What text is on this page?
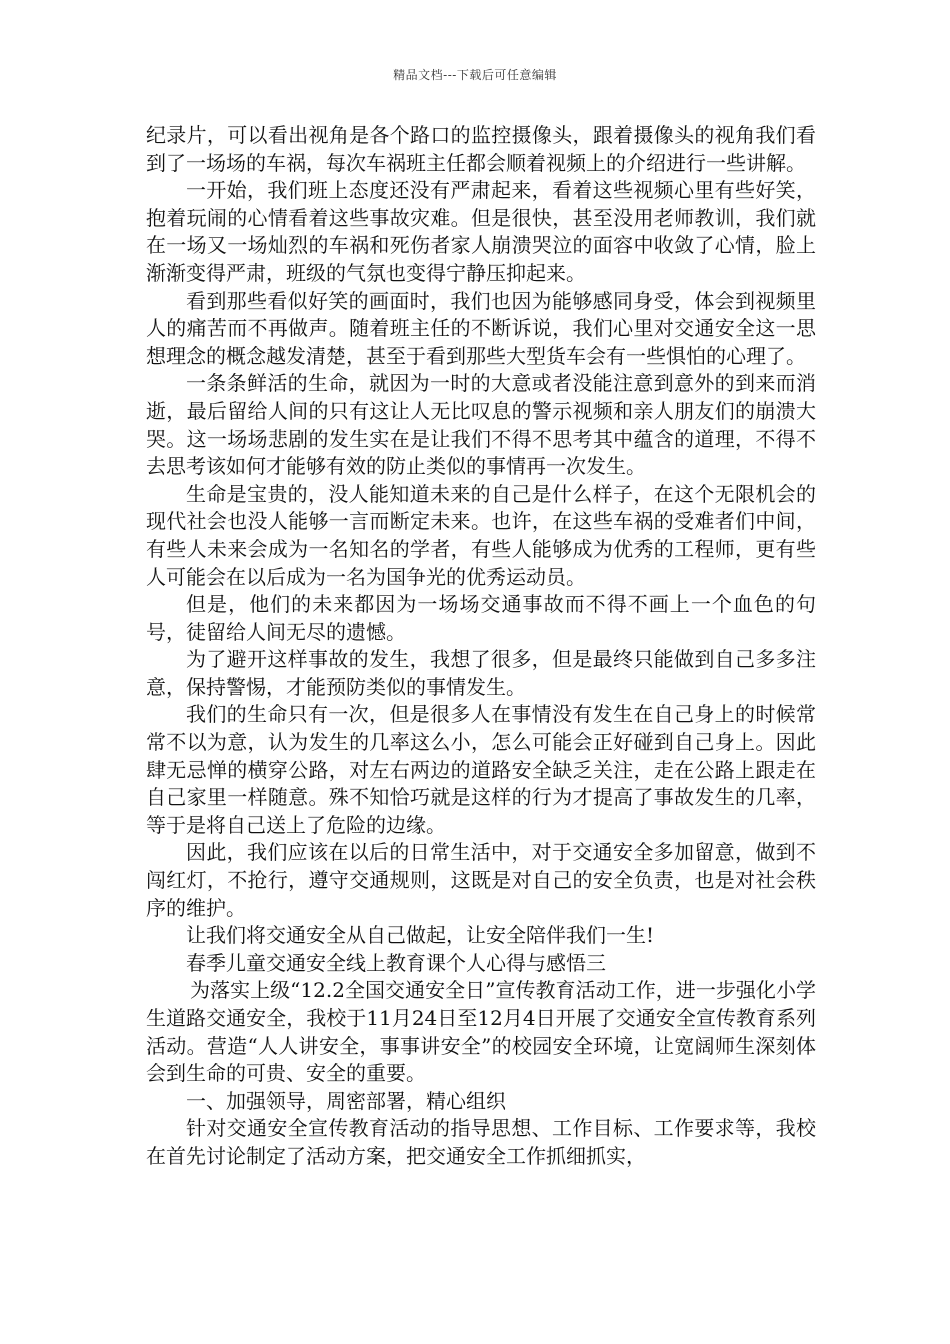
精品文档---下载后可任意编辑

纪录片，可以看出视角是各个路口的监控摄像头，跟着摄像头的视角我们看到了一场场的车祸，每次车祸班主任都会顺着视频上的介绍进行一些讲解。

一开始，我们班上态度还没有严肃起来，看着这些视频心里有些好笑，抱着玩闹的心情看着这些事故灾难。但是很快，甚至没用老师教训，我们就在一场又一场灿烈的车祸和死伤者家人崩溃哭泣的面容中收敛了心情，脸上渐渐变得严肃，班级的气氛也变得宁静压抑起来。

看到那些看似好笑的画面时，我们也因为能够感同身受，体会到视频里人的痛苦而不再做声。随着班主任的不断诉说，我们心里对交通安全这一思想理念的概念越发清楚，甚至于看到那些大型货车会有一些惧怕的心理了。

一条条鲜活的生命，就因为一时的大意或者没能注意到意外的到来而消逝，最后留给人间的只有这让人无比叹息的警示视频和亲人朋友们的崩溃大哭。这一场场悲剧的发生实在是让我们不得不思考其中蕴含的道理，不得不去思考该如何才能够有效的防止类似的事情再一次发生。

生命是宝贵的，没人能知道未来的自己是什么样子，在这个无限机会的现代社会也没人能够一言而断定未来。也许，在这些车祸的受难者们中间，有些人未来会成为一名知名的学者，有些人能够成为优秀的工程师，更有些人可能会在以后成为一名为国争光的优秀运动员。

但是，他们的未来都因为一场场交通事故而不得不画上一个血色的句号，徒留给人间无尽的遗憾。

为了避开这样事故的发生，我想了很多，但是最终只能做到自己多多注意，保持警惕，才能预防类似的事情发生。

我们的生命只有一次，但是很多人在事情没有发生在自己身上的时候常常不以为意，认为发生的几率这么小，怎么可能会正好碰到自己身上。因此肆无忌惮的横穿公路，对左右两边的道路安全缺乏关注，走在公路上跟走在自己家里一样随意。殊不知恰巧就是这样的行为才提高了事故发生的几率，等于是将自己送上了危险的边缘。

因此，我们应该在以后的日常生活中，对于交通安全多加留意，做到不闯红灯，不抢行，遵守交通规则，这既是对自己的安全负责，也是对社会秩序的维护。

让我们将交通安全从自己做起，让安全陪伴我们一生!

春季儿童交通安全线上教育课个人心得与感悟三

为落实上级“12.2全国交通安全日”宣传教育活动工作，进一步强化小学生道路交通安全，我校于11月24日至12月4日开展了交通安全宣传教育系列活动。营造“人人讲安全，事事讲安全”的校园安全环境，让宽阔师生深刻体会到生命的可贵、安全的重要。

一、加强领导，周密部署，精心组织

针对交通安全宣传教育活动的指导思想、工作目标、工作要求等，我校在首先讨论制定了活动方案，把交通安全工作抓细抓实，
